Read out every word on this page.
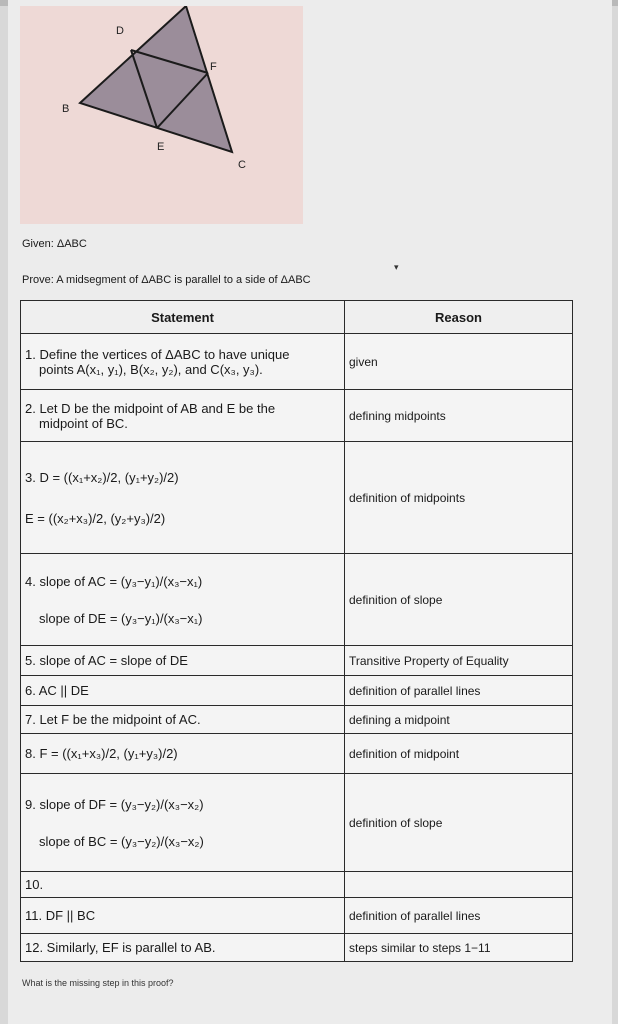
D
F
B
E
C
Given: ΔABC
▾
Prove: A midsegment of ΔABC is parallel to a side of ΔABC
Statement	Reason

1. Define the vertices of ΔABC to have unique
points A(x₁, y₁), B(x₂, y₂), and C(x₃, y₃).	given

2. Let D be the midpoint of AB and E be the
midpoint of BC.	defining midpoints

3. D = ((x₁+x₂)/2, (y₁+y₂)/2)
E = ((x₂+x₃)/2, (y₂+y₃)/2)	definition of midpoints

4. slope of AC = (y₃−y₁)/(x₃−x₁)
slope of DE = (y₃−y₁)/(x₃−x₁)	definition of slope
5. slope of AC = slope of DE	Transitive Property of Equality
6. AC || DE	definition of parallel lines
7. Let F be the midpoint of AC.	defining a midpoint
8. F = ((x₁+x₃)/2, (y₁+y₃)/2)	definition of midpoint

9. slope of DF = (y₃−y₂)/(x₃−x₂)
slope of BC = (y₃−y₂)/(x₃−x₂)	definition of slope
10.	
11. DF || BC	definition of parallel lines
12. Similarly, EF is parallel to AB.	steps similar to steps 1−11
What is the missing step in this proof?
